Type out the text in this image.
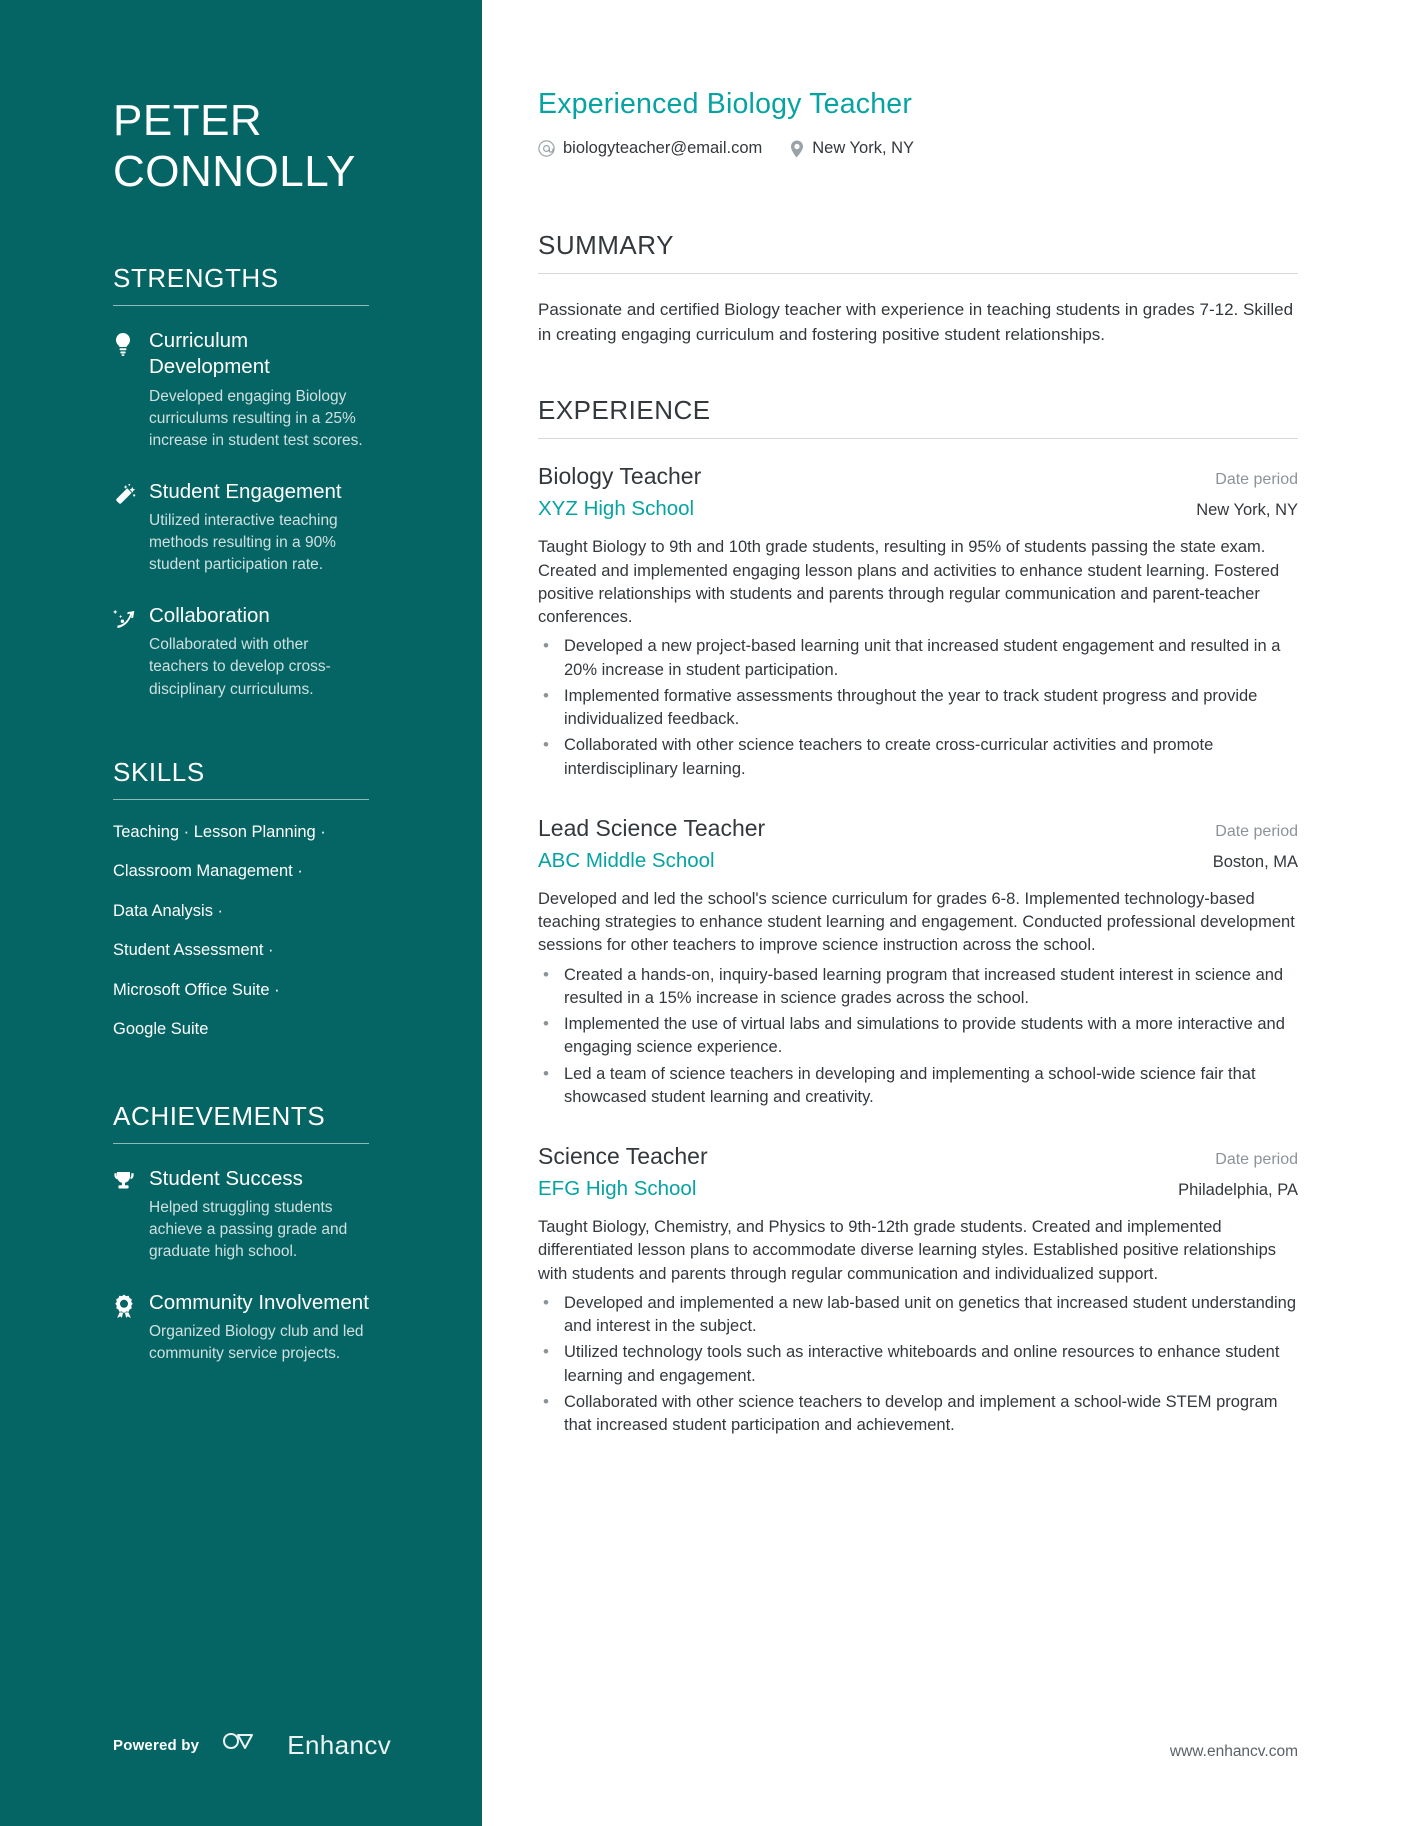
PETER
CONNOLLY
STRENGTHS
Curriculum Development
Developed engaging Biology curriculums resulting in a 25% increase in student test scores.
Student Engagement
Utilized interactive teaching methods resulting in a 90% student participation rate.
Collaboration
Collaborated with other teachers to develop cross-disciplinary curriculums.
SKILLS
Teaching · Lesson Planning ·
Classroom Management ·
Data Analysis ·
Student Assessment ·
Microsoft Office Suite ·
Google Suite
ACHIEVEMENTS
Student Success
Helped struggling students achieve a passing grade and graduate high school.
Community Involvement
Organized Biology club and led community service projects.
Powered by	Enhancv
Experienced Biology Teacher
biologyteacher@email.com	New York, NY
SUMMARY

Passionate and certified Biology teacher with experience in teaching students in grades 7-12. Skilled in creating engaging curriculum and fostering positive student relationships.

EXPERIENCE
Biology Teacher	Date period
XYZ High School	New York, NY

Taught Biology to 9th and 10th grade students, resulting in 95% of students passing the state exam. Created and implemented engaging lesson plans and activities to enhance student learning. Fostered positive relationships with students and parents through regular communication and parent-teacher conferences.

• Developed a new project-based learning unit that increased student engagement and resulted in a 20% increase in student participation.
• Implemented formative assessments throughout the year to track student progress and provide individualized feedback.
• Collaborated with other science teachers to create cross-curricular activities and promote interdisciplinary learning.
Lead Science Teacher	Date period
ABC Middle School	Boston, MA

Developed and led the school's science curriculum for grades 6-8. Implemented technology-based teaching strategies to enhance student learning and engagement. Conducted professional development sessions for other teachers to improve science instruction across the school.

• Created a hands-on, inquiry-based learning program that increased student interest in science and resulted in a 15% increase in science grades across the school.
• Implemented the use of virtual labs and simulations to provide students with a more interactive and engaging science experience.
• Led a team of science teachers in developing and implementing a school-wide science fair that showcased student learning and creativity.
Science Teacher	Date period
EFG High School	Philadelphia, PA

Taught Biology, Chemistry, and Physics to 9th-12th grade students. Created and implemented differentiated lesson plans to accommodate diverse learning styles. Established positive relationships with students and parents through regular communication and individualized support.

• Developed and implemented a new lab-based unit on genetics that increased student understanding and interest in the subject.
• Utilized technology tools such as interactive whiteboards and online resources to enhance student learning and engagement.
• Collaborated with other science teachers to develop and implement a school-wide STEM program that increased student participation and achievement.
www.enhancv.com
